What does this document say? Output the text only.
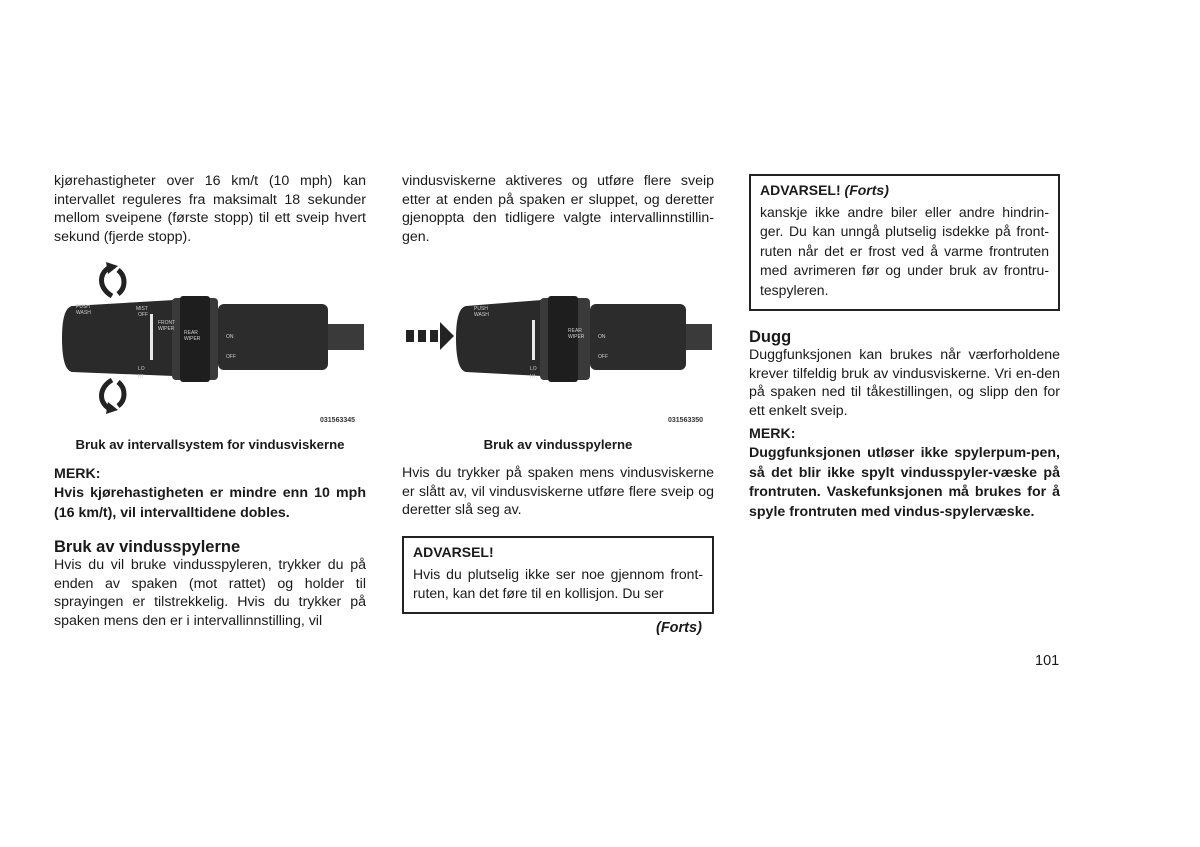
kjørehastigheter over 16 km/t (10 mph) kan intervallet reguleres fra maksimalt 18 sekunder mellom sveipene (første stopp) til ett sveip hvert sekund (fjerde stopp).

PUSH
WASH
MIST
OFF
FRONT
WIPER
REAR
WIPER	ON
OFF
LO
HI
031563345

Bruk av intervallsystem for vindusviskerne

MERK:

Hvis kjørehastigheten er mindre enn 10 mph (16 km/t), vil intervalltidene dobles.

Bruk av vindusspylerne

Hvis du vil bruke vindusspyleren, trykker du på enden av spaken (mot rattet) og holder til sprayingen er tilstrekkelig. Hvis du trykker på spaken mens den er i intervallinnstilling, vil

vindusviskerne aktiveres og utføre flere sveip etter at enden på spaken er sluppet, og deretter gjenoppta den tidligere valgte intervallinnstillin-gen.

PUSH
WASH
REAR
WIPER	ON
OFF
LO
HI
031563350

Bruk av vindusspylerne

Hvis du trykker på spaken mens vindusviskerne er slått av, vil vindusviskerne utføre flere sveip og deretter slå seg av.

ADVARSEL!

Hvis du plutselig ikke ser noe gjennom front-ruten, kan det føre til en kollisjon. Du ser

(Forts)

ADVARSEL! (Forts)

kanskje ikke andre biler eller andre hindrin-ger. Du kan unngå plutselig isdekke på front-ruten når det er frost ved å varme frontruten med avrimeren før og under bruk av frontru-tespyleren.

Dugg

Duggfunksjonen kan brukes når værforholdene krever tilfeldig bruk av vindusviskerne. Vri en-den på spaken ned til tåkestillingen, og slipp den for ett enkelt sveip.

MERK:

Duggfunksjonen utløser ikke spylerpum-pen, så det blir ikke spylt vindusspyler-væske på frontruten. Vaskefunksjonen må brukes for å spyle frontruten med vindus-spylervæske.

101
